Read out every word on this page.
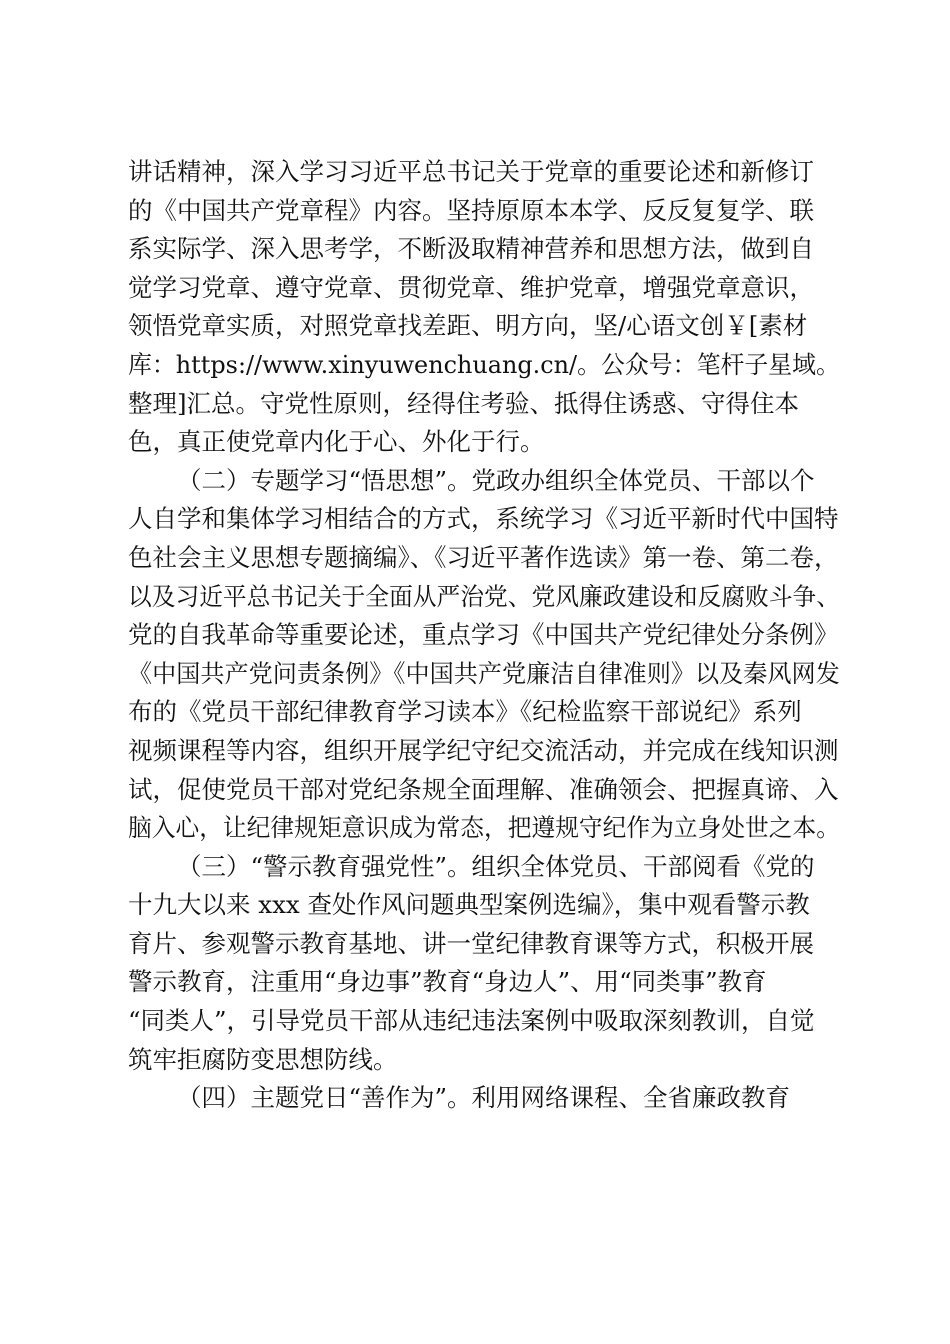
讲话精神，深入学习习近平总书记关于党章的重要论述和新修订
的《中国共产党章程》内容。坚持原原本本学、反反复复学、联
系实际学、深入思考学，不断汲取精神营养和思想方法，做到自
觉学习党章、遵守党章、贯彻党章、维护党章，增强党章意识，
领悟党章实质，对照党章找差距、明方向，坚/心语文创￥[素材
库：https://www.xinyuwenchuang.cn/。公众号：笔杆子星域。
整理]汇总。守党性原则，经得住考验、抵得住诱惑、守得住本
色，真正使党章内化于心、外化于行。
（二）专题学习“悟思想”。党政办组织全体党员、干部以个
人自学和集体学习相结合的方式，系统学习《习近平新时代中国特
色社会主义思想专题摘编》、《习近平著作选读》第一卷、第二卷，
以及习近平总书记关于全面从严治党、党风廉政建设和反腐败斗争、
党的自我革命等重要论述，重点学习《中国共产党纪律处分条例》
《中国共产党问责条例》《中国共产党廉洁自律准则》以及秦风网发
布的《党员干部纪律教育学习读本》《纪检监察干部说纪》系列
视频课程等内容，组织开展学纪守纪交流活动，并完成在线知识测
试，促使党员干部对党纪条规全面理解、准确领会、把握真谛、入
脑入心，让纪律规矩意识成为常态，把遵规守纪作为立身处世之本。
（三）“警示教育强党性”。组织全体党员、干部阅看《党的
十九大以来 xxx 查处作风问题典型案例选编》，集中观看警示教
育片、参观警示教育基地、讲一堂纪律教育课等方式，积极开展
警示教育，注重用“身边事”教育“身边人”、用“同类事”教育
“同类人”，引导党员干部从违纪违法案例中吸取深刻教训，自觉
筑牢拒腐防变思想防线。
（四）主题党日“善作为”。利用网络课程、全省廉政教育
